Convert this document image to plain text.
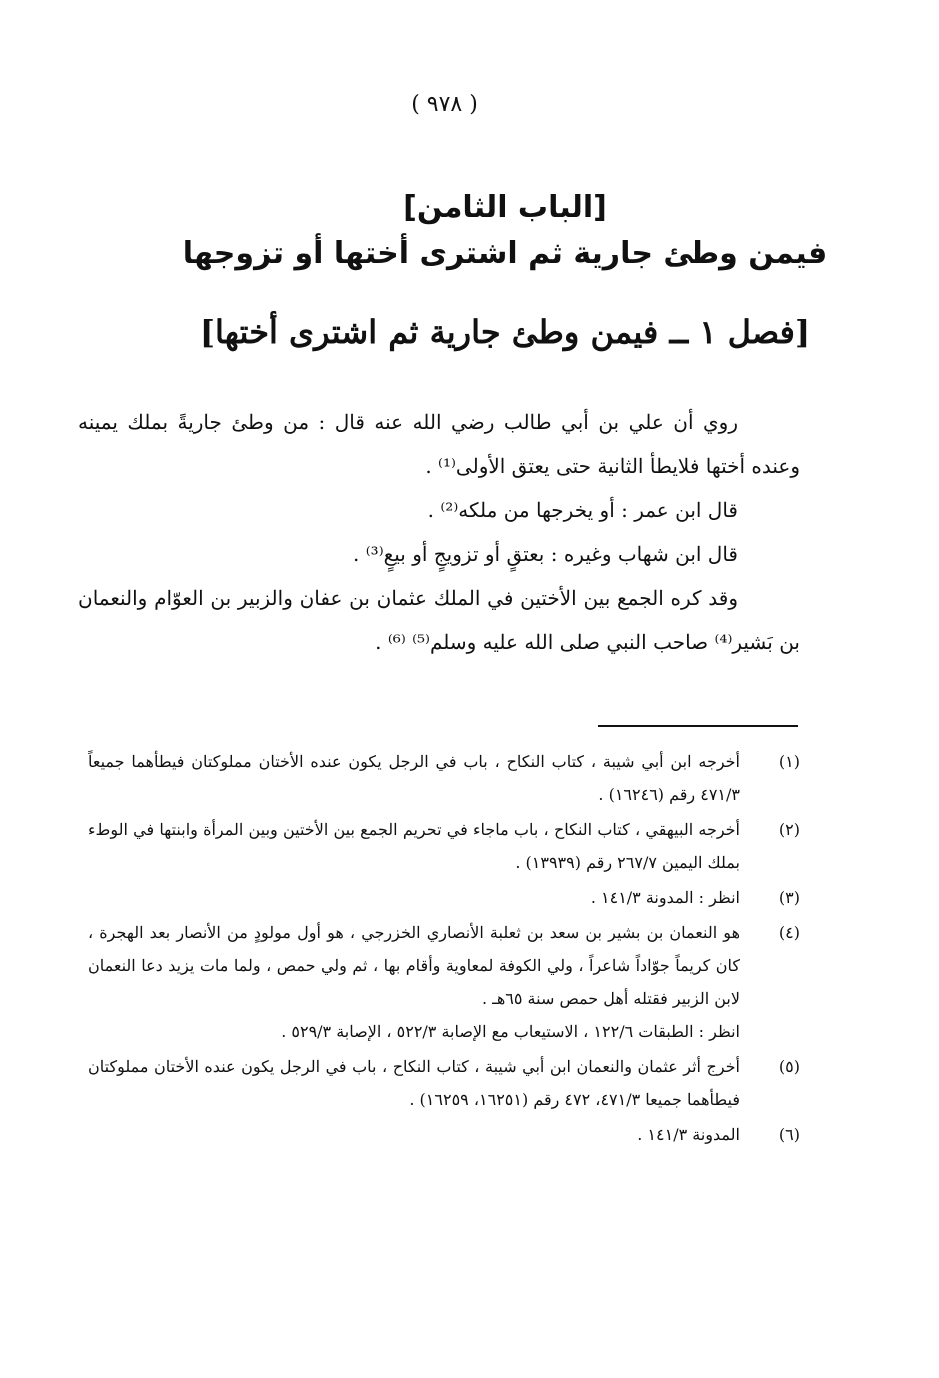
( ٩٧٨ )
[الباب الثامن]
فيمن وطئ جارية ثم اشترى أختها أو تزوجها
[فصل ١ ــ فيمن وطئ جارية ثم اشترى أختها]

روي أن علي بن أبي طالب رضي الله عنه قال : من وطئ جاريةً بملك يمينه وعنده أختها فلايطأ الثانية حتى يعتق الأولى⁽¹⁾ .

قال ابن عمر : أو يخرجها من ملكه⁽²⁾ .

قال ابن شهاب وغيره : بعتقٍ أو تزويجٍ أو بيعٍ⁽³⁾ .

وقد كره الجمع بين الأختين في الملك عثمان بن عفان والزبير بن العوّام والنعمان بن بَشير⁽⁴⁾ صاحب النبي صلى الله عليه وسلم⁽⁵⁾ ⁽⁶⁾ .

(١)
أخرجه ابن أبي شيبة ، كتاب النكاح ، باب في الرجل يكون عنده الأختان مملوكتان فيطأهما جميعاً ٤٧١/٣ رقم (١٦٢٤٦) .
(٢)
أخرجه البيهقي ، كتاب النكاح ، باب ماجاء في تحريم الجمع بين الأختين وبين المرأة وابنتها في الوطء بملك اليمين ٢٦٧/٧ رقم (١٣٩٣٩) .
(٣)
انظر : المدونة ١٤١/٣ .
(٤)
هو النعمان بن بشير بن سعد بن ثعلبة الأنصاري الخزرجي ، هو أول مولودٍ من الأنصار بعد الهجرة ، كان كريماً جوّاداً شاعراً ، ولي الكوفة لمعاوية وأقام بها ، ثم ولي حمص ، ولما مات يزيد دعا النعمان لابن الزبير فقتله أهل حمص سنة ٦٥هـ .
انظر : الطبقات ١٢٢/٦ ، الاستيعاب مع الإصابة ٥٢٢/٣ ، الإصابة ٥٢٩/٣ .
(٥)
أخرج أثر عثمان والنعمان ابن أبي شيبة ، كتاب النكاح ، باب في الرجل يكون عنده الأختان مملوكتان فيطأهما جميعا ٤٧١/٣، ٤٧٢ رقم (١٦٢٥١، ١٦٢٥٩) .
(٦)
المدونة ١٤١/٣ .
